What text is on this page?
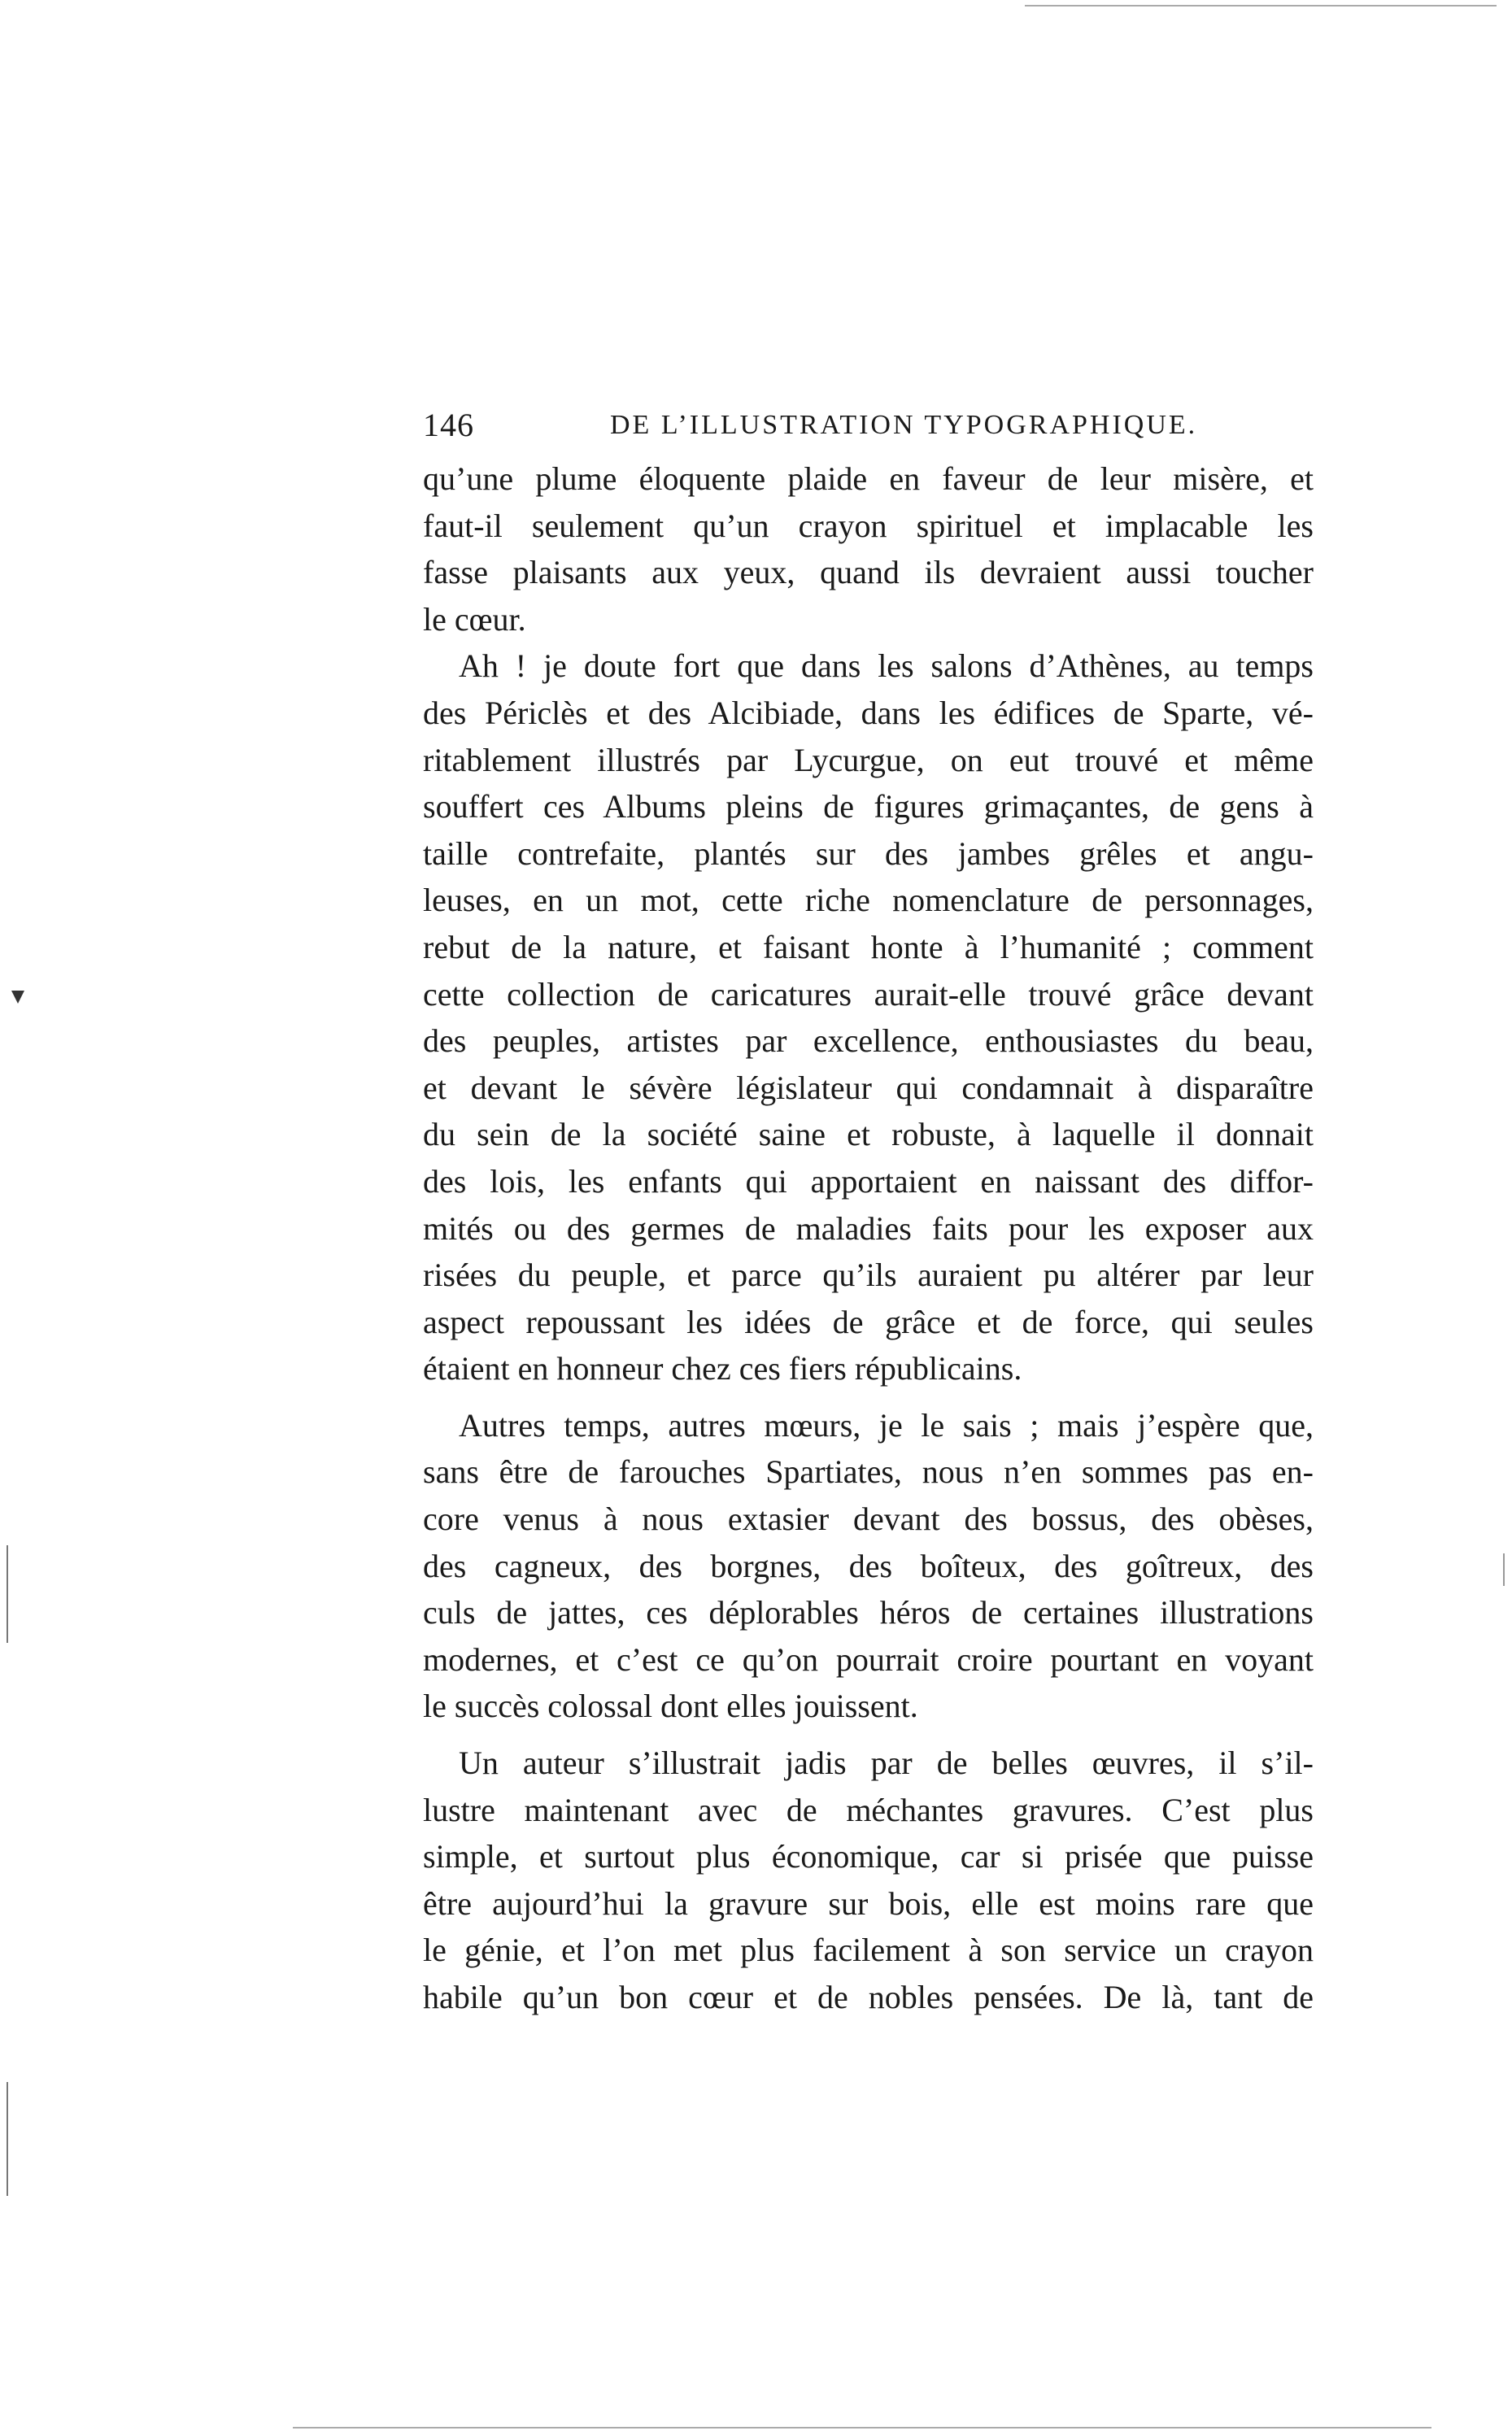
146	DE L’ILLUSTRATION TYPOGRAPHIQUE.
qu’une plume éloquente plaide en faveur de leur misère, et
faut-il seulement qu’un crayon spirituel et implacable les
fasse plaisants aux yeux, quand ils devraient aussi toucher
le cœur.
Ah ! je doute fort que dans les salons d’Athènes, au temps
des Périclès et des Alcibiade, dans les édifices de Sparte, vé-
ritablement illustrés par Lycurgue, on eut trouvé et même
souffert ces Albums pleins de figures grimaçantes, de gens à
taille contrefaite, plantés sur des jambes grêles et angu-
leuses, en un mot, cette riche nomenclature de personnages,
rebut de la nature, et faisant honte à l’humanité ; comment
cette collection de caricatures aurait-elle trouvé grâce devant
des peuples, artistes par excellence, enthousiastes du beau,
et devant le sévère législateur qui condamnait à disparaître
du sein de la société saine et robuste, à laquelle il donnait
des lois, les enfants qui apportaient en naissant des diffor-
mités ou des germes de maladies faits pour les exposer aux
risées du peuple, et parce qu’ils auraient pu altérer par leur
aspect repoussant les idées de grâce et de force, qui seules
étaient en honneur chez ces fiers républicains.
Autres temps, autres mœurs, je le sais ; mais j’espère que,
sans être de farouches Spartiates, nous n’en sommes pas en-
core venus à nous extasier devant des bossus, des obèses,
des cagneux, des borgnes, des boîteux, des goîtreux, des
culs de jattes, ces déplorables héros de certaines illustrations
modernes, et c’est ce qu’on pourrait croire pourtant en voyant
le succès colossal dont elles jouissent.
Un auteur s’illustrait jadis par de belles œuvres, il s’il-
lustre maintenant avec de méchantes gravures. C’est plus
simple, et surtout plus économique, car si prisée que puisse
être aujourd’hui la gravure sur bois, elle est moins rare que
le génie, et l’on met plus facilement à son service un crayon
habile qu’un bon cœur et de nobles pensées. De là, tant de
